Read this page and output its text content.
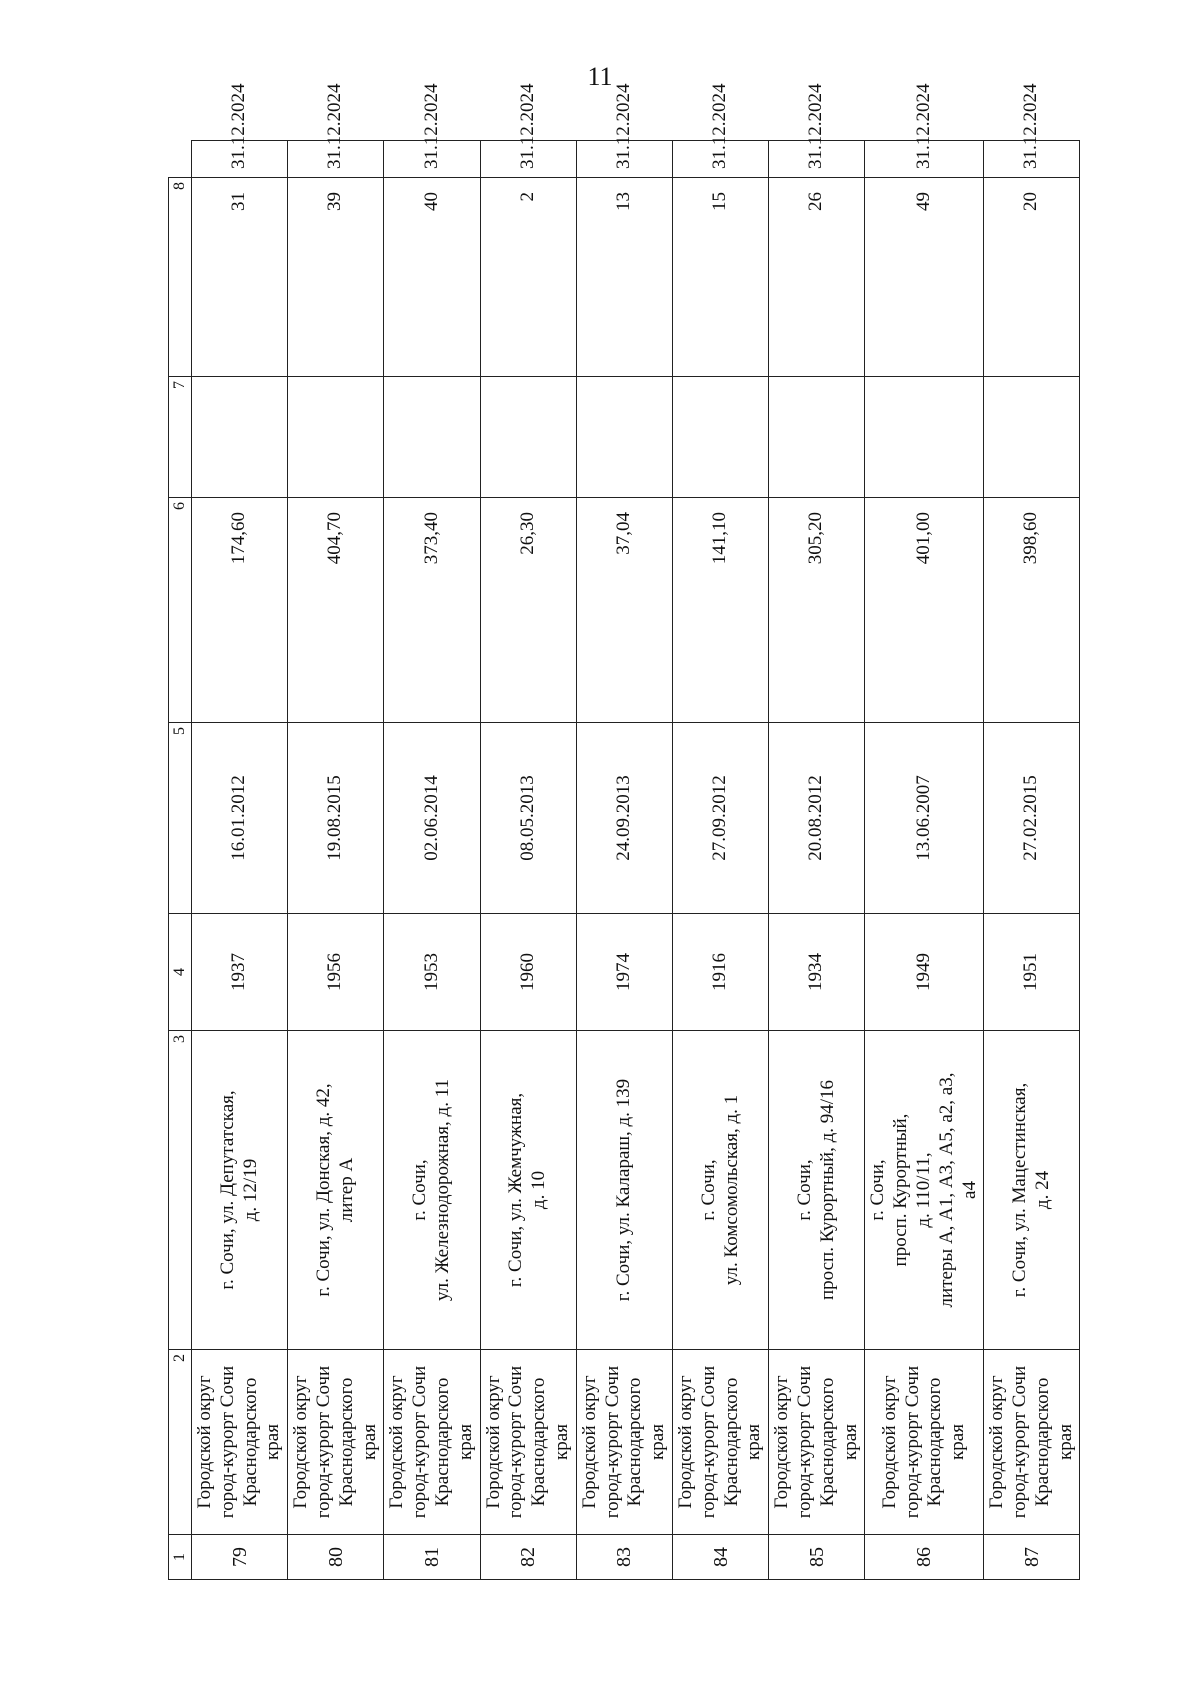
11
1	2	3	4	5	6	7	8	
79	Городской округ город-курорт Сочи Краснодарского края	г. Сочи, ул. Депутатская, д. 12/19	1937	16.01.2012	174,60		31	31.12.2024
80	Городской округ город-курорт Сочи Краснодарского края	г. Сочи, ул. Донская, д. 42, литер А	1956	19.08.2015	404,70		39	31.12.2024
81	Городской округ город-курорт Сочи Краснодарского края	г. Сочи, ул. Железнодорожная, д. 11	1953	02.06.2014	373,40		40	31.12.2024
82	Городской округ город-курорт Сочи Краснодарского края	г. Сочи, ул. Жемчужная, д. 10	1960	08.05.2013	26,30		2	31.12.2024
83	Городской округ город-курорт Сочи Краснодарского края	г. Сочи, ул. Калараш, д. 139	1974	24.09.2013	37,04		13	31.12.2024
84	Городской округ город-курорт Сочи Краснодарского края	г. Сочи, ул. Комсомольская, д. 1	1916	27.09.2012	141,10		15	31.12.2024
85	Городской округ город-курорт Сочи Краснодарского края	г. Сочи, просп. Курортный, д. 94/16	1934	20.08.2012	305,20		26	31.12.2024
86	Городской округ город-курорт Сочи Краснодарского края	г. Сочи, просп. Курортный, д. 110/11, литеры А, А1, А3, А5, а2, а3, а4	1949	13.06.2007	401,00		49	31.12.2024
87	Городской округ город-курорт Сочи Краснодарского края	г. Сочи, ул. Мацестинская, д. 24	1951	27.02.2015	398,60		20	31.12.2024
